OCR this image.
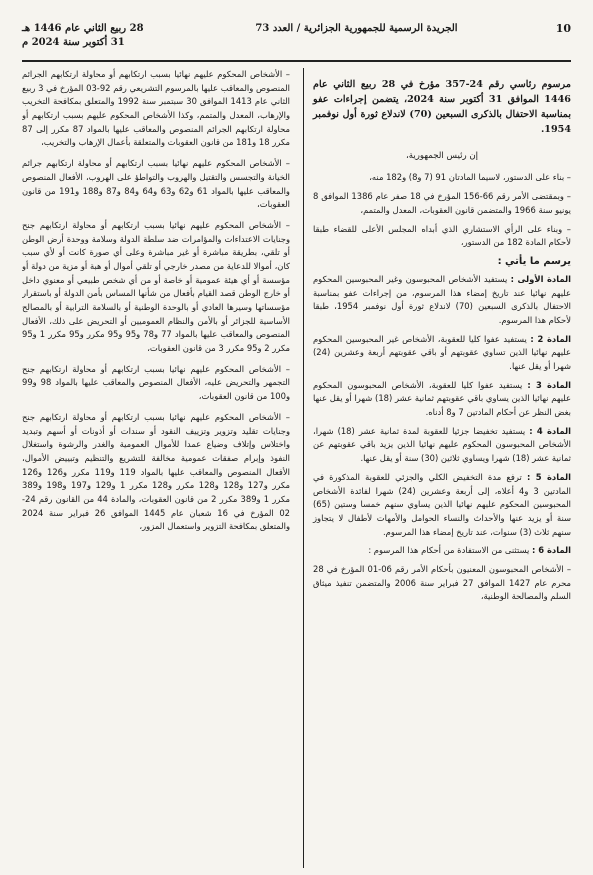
10
الجريدة الرسمية للجمهورية الجزائرية / العدد 73
28 ربيع الثاني عام 1446 هـ
31 أكتوبر سنة 2024 م
مرسوم رئاسي رقم 24-357 مؤرخ في 28 ربيع الثاني عام 1446 الموافق 31 أكتوبر سنة 2024، يتضمن إجراءات عفو بمناسبة الاحتفال بالذكرى السبعين (70) لاندلاع ثورة أول نوفمبر 1954.

إن رئيس الجمهورية،

– بناء على الدستور، لاسيما المادتان 91 (7 و8) و182 منه،

– وبمقتضى الأمر رقم 66-156 المؤرخ في 18 صفر عام 1386 الموافق 8 يونيو سنة 1966 والمتضمن قانون العقوبات، المعدل والمتمم،

– وبناء على الرأي الاستشاري الذي أبداه المجلس الأعلى للقضاء طبقا لأحكام المادة 182 من الدستور،

يرسم ما يأتي :

المادة الأولى : يستفيد الأشخاص المحبوسون وغير المحبوسين المحكوم عليهم نهائيا عند تاريخ إمضاء هذا المرسوم، من إجراءات عفو بمناسبة الاحتفال بالذكرى السبعين (70) لاندلاع ثورة أول نوفمبر 1954، طبقا لأحكام هذا المرسوم.

المادة 2 : يستفيد عفوا كليا للعقوبة، الأشخاص غير المحبوسين المحكوم عليهم نهائيا الذين تساوي عقوبتهم أو باقي عقوبتهم أربعة وعشرين (24) شهرا أو يقل عنها.

المادة 3 : يستفيد عفوا كليا للعقوبة، الأشخاص المحبوسون المحكوم عليهم نهائيا الذين يساوي باقي عقوبتهم ثمانية عشر (18) شهرا أو يقل عنها بغض النظر عن أحكام المادتين 7 و8 أدناه.

المادة 4 : يستفيد تخفيضا جزئيا للعقوبة لمدة ثمانية عشر (18) شهرا، الأشخاص المحبوسون المحكوم عليهم نهائيا الذين يزيد باقي عقوبتهم عن ثمانية عشر (18) شهرا ويساوي ثلاثين (30) سنة أو يقل عنها.

المادة 5 : ترفع مدة التخفيض الكلي والجزئي للعقوبة المذكورة في المادتين 3 و4 أعلاه، إلى أربعة وعشرين (24) شهرا لفائدة الأشخاص المحبوسين المحكوم عليهم نهائيا الذين يساوي سنهم خمسا وستين (65) سنة أو يزيد عنها والأحداث والنساء الحوامل والأمهات لأطفال لا يتجاوز سنهم ثلاث (3) سنوات، عند تاريخ إمضاء هذا المرسوم.

المادة 6 : يستثنى من الاستفادة من أحكام هذا المرسوم :

– الأشخاص المحبوسون المعنيون بأحكام الأمر رقم 06-01 المؤرخ في 28 محرم عام 1427 الموافق 27 فبراير سنة 2006 والمتضمن تنفيذ ميثاق السلم والمصالحة الوطنية،

– الأشخاص المحكوم عليهم نهائيا بسبب ارتكابهم أو محاولة ارتكابهم الجرائم المنصوص والمعاقب عليها بالمرسوم التشريعي رقم 92-03 المؤرخ في 3 ربيع الثاني عام 1413 الموافق 30 سبتمبر سنة 1992 والمتعلق بمكافحة التخريب والإرهاب، المعدل والمتمم، وكذا الأشخاص المحكوم عليهم بسبب ارتكابهم أو محاولة ارتكابهم الجرائم المنصوص والمعاقب عليها بالمواد 87 مكرر إلى 87 مكرر 18 و181 من قانون العقوبات والمتعلقة بأعمال الإرهاب والتخريب،

– الأشخاص المحكوم عليهم نهائيا بسبب ارتكابهم أو محاولة ارتكابهم جرائم الخيانة والتجسس والتقتيل والهروب والتواطؤ على الهروب، الأفعال المنصوص والمعاقب عليها بالمواد 61 و62 و63 و64 و84 و87 و188 و191 من قانون العقوبات،

– الأشخاص المحكوم عليهم نهائيا بسبب ارتكابهم أو محاولة ارتكابهم جنح وجنايات الاعتداءات والمؤامرات ضد سلطة الدولة وسلامة ووحدة أرض الوطن أو تلقي، بطريقة مباشرة أو غير مباشرة وعلى أي صورة كانت أو لأي سبب كان، أموالا للدعاية من مصدر خارجي أو تلقي أموال أو هبة أو مزية من دولة أو مؤسسة أو أي هيئة عمومية أو خاصة أو من أي شخص طبيعي أو معنوي داخل أو خارج الوطن قصد القيام بأفعال من شأنها المساس بأمن الدولة أو باستقرار مؤسساتها وسيرها العادي أو بالوحدة الوطنية أو بالسلامة الترابية أو بالمصالح الأساسية للجزائر أو بالأمن والنظام العموميين أو التحريض على ذلك، الأفعال المنصوص والمعاقب عليها بالمواد 77 و78 و95 و95 مكرر و95 مكرر 1 و95 مكرر 2 و95 مكرر 3 من قانون العقوبات،

– الأشخاص المحكوم عليهم نهائيا بسبب ارتكابهم أو محاولة ارتكابهم جنح التجمهر والتحريض عليه، الأفعال المنصوص والمعاقب عليها بالمواد 98 و99 و100 من قانون العقوبات،

– الأشخاص المحكوم عليهم نهائيا بسبب ارتكابهم أو محاولة ارتكابهم جنح وجنايات تقليد وتزوير وتزييف النقود أو سندات أو أذونات أو أسهم وتبديد واختلاس وإتلاف وضياع عمدا للأموال العمومية والغدر والرشوة واستغلال النفوذ وإبرام صفقات عمومية مخالفة للتشريع والتنظيم وتبييض الأموال، الأفعال المنصوص والمعاقب عليها بالمواد 119 و119 مكرر و126 و126 مكرر و127 و128 و128 مكرر و128 مكرر 1 و129 و197 و198 و389 مكرر 1 و389 مكرر 2 من قانون العقوبات، والمادة 44 من القانون رقم 24-02 المؤرخ في 16 شعبان عام 1445 الموافق 26 فبراير سنة 2024 والمتعلق بمكافحة التزوير واستعمال المزور،
